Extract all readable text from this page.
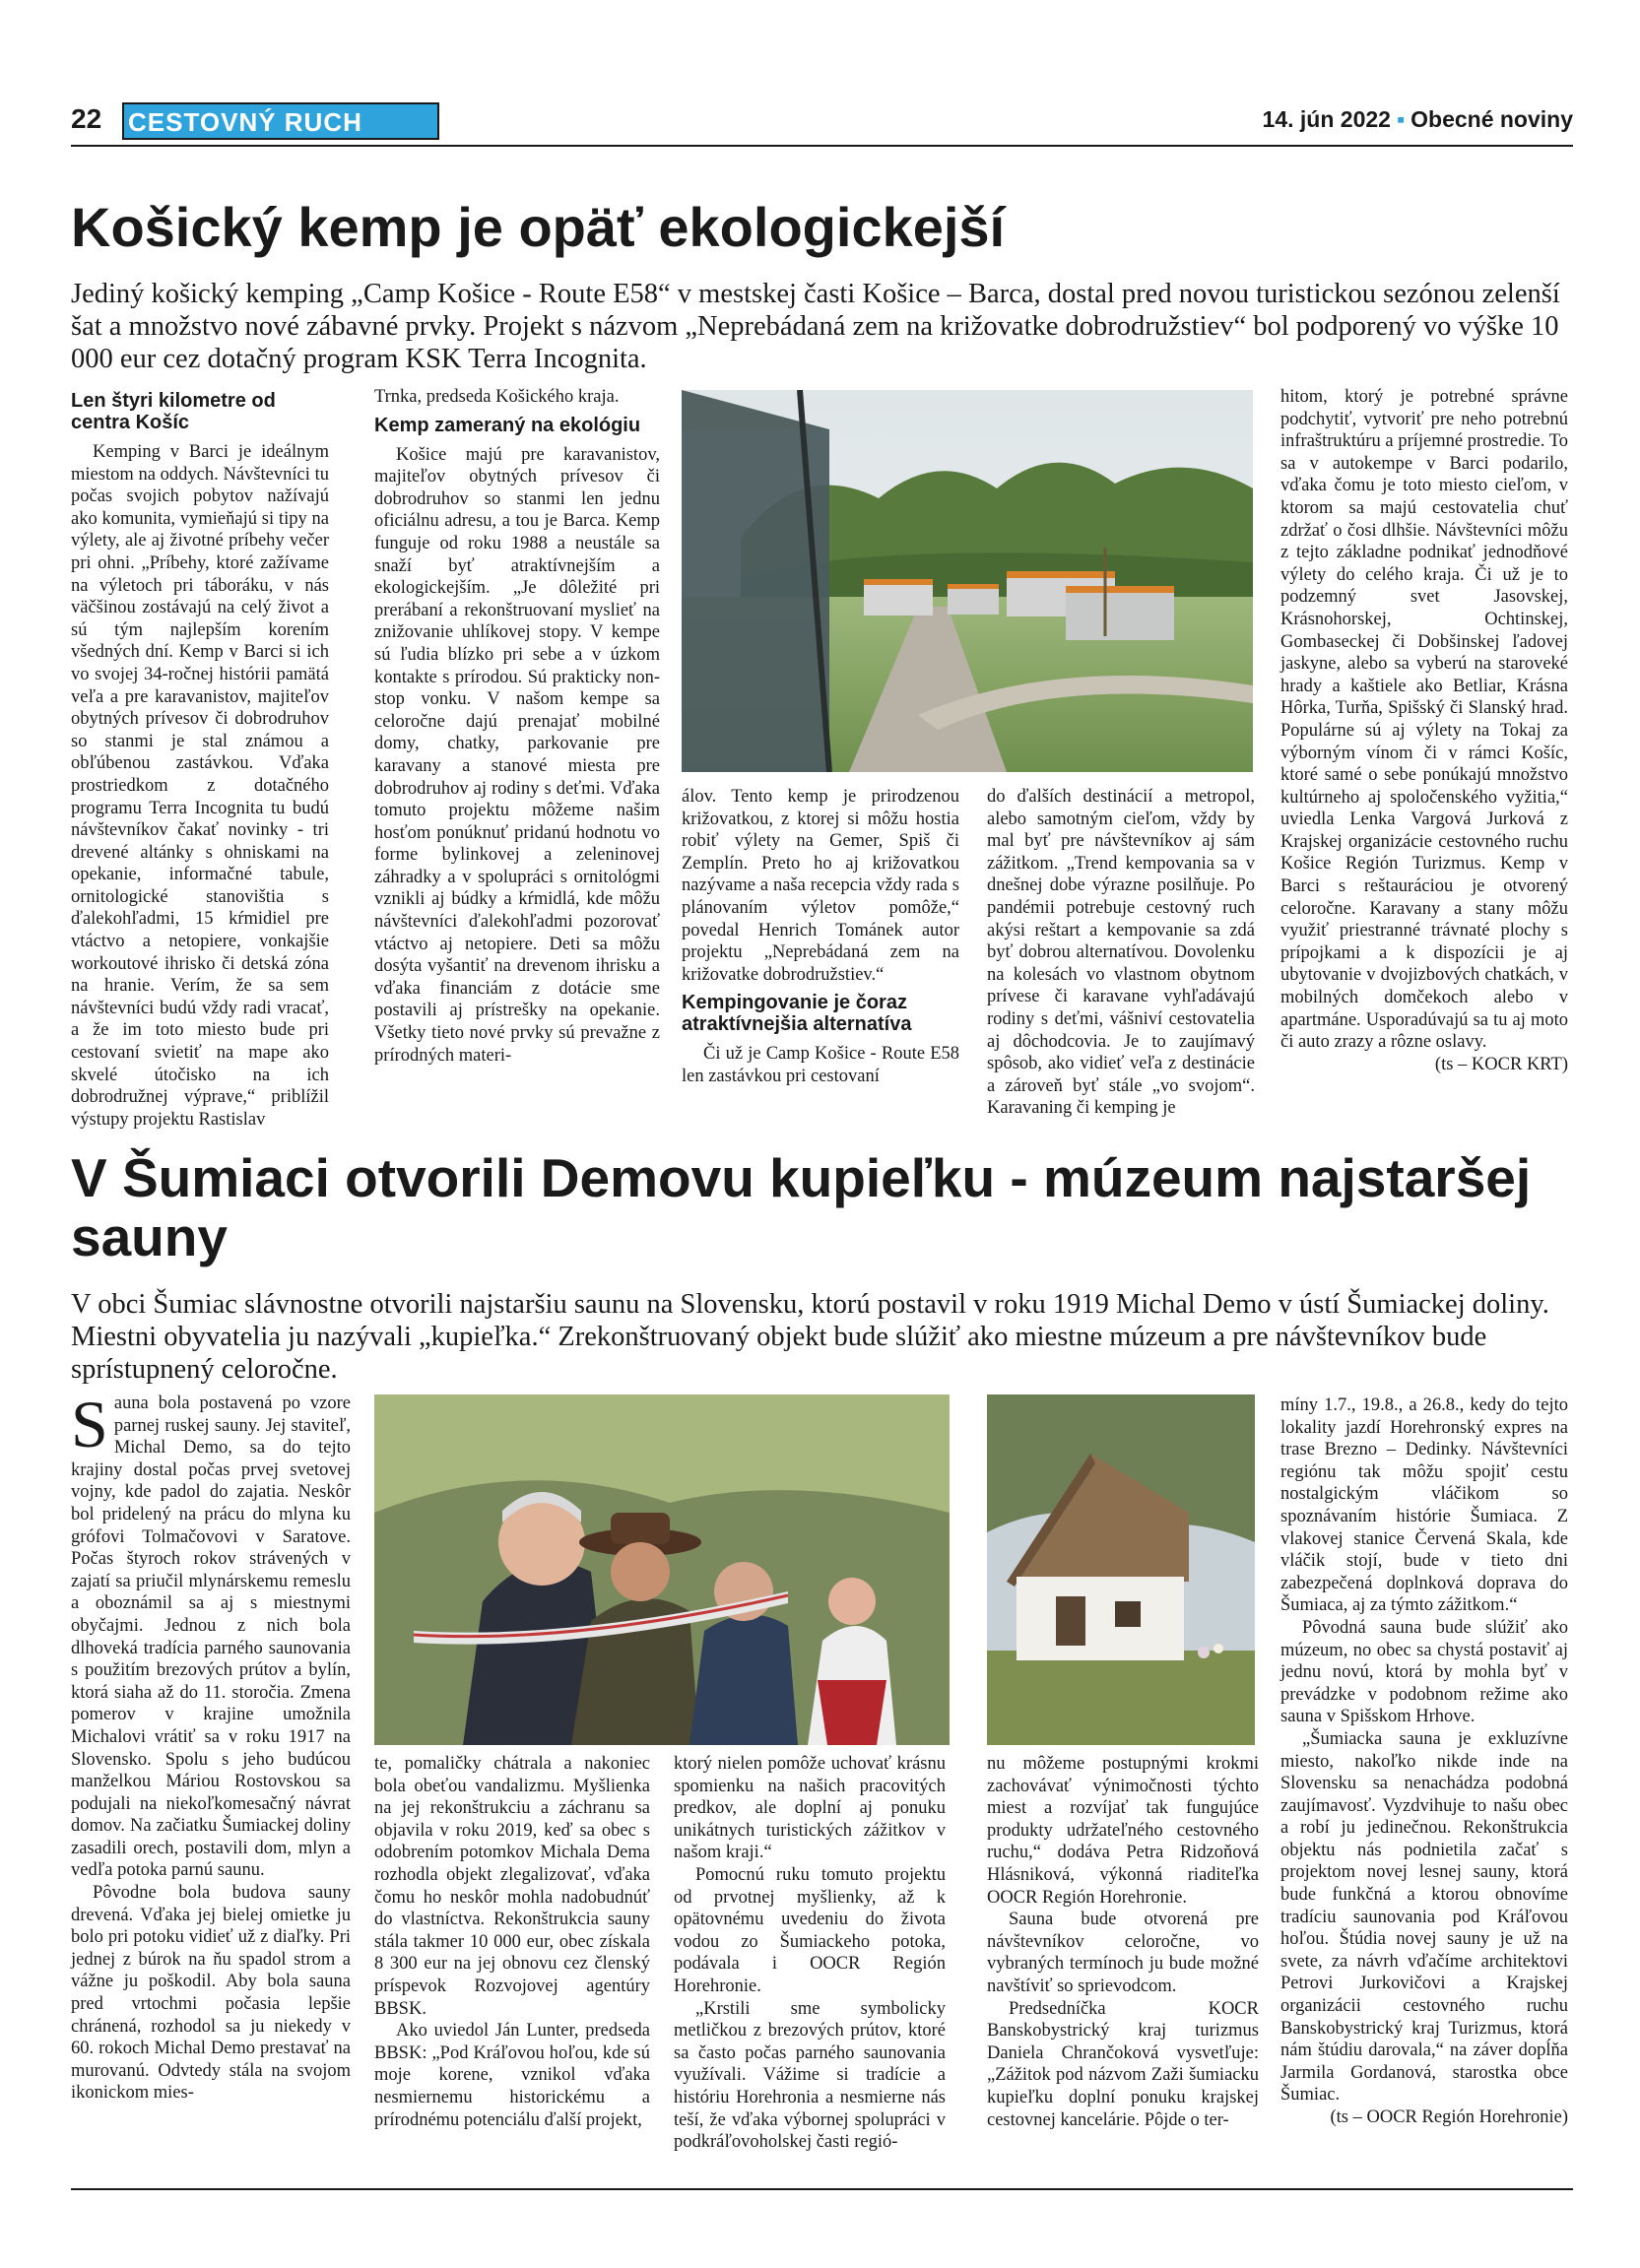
22 CESTOVNÝ RUCH	14. jún 2022 ▪ Obecné noviny
Košický kemp je opäť ekologickejší

Jediný košický kemping „Camp Košice - Route E58“ v mestskej časti Košice – Barca, dostal pred novou turistickou sezónou zelenší šat a množstvo nové zábavné prvky. Projekt s názvom „Neprebádaná zem na križovatke dobrodružstiev“ bol podporený vo výške 10 000 eur cez dotačný program KSK Terra Incognita.

Len štyri kilometre od centra Košíc

Kemping v Barci je ideálnym miestom na oddych. Návštevníci tu počas svojich pobytov nažívajú ako komunita, vymieňajú si tipy na výlety, ale aj životné príbehy večer pri ohni. „Príbehy, ktoré zažívame na výletoch pri táboráku, v nás väčšinou zostávajú na celý život a sú tým najlepším korením všedných dní. Kemp v Barci si ich vo svojej 34-ročnej histórii pamätá veľa a pre karavanistov, majiteľov obytných prívesov či dobrodruhov so stanmi je stal známou a obľúbenou zastávkou. Vďaka prostriedkom z dotačného programu Terra Incognita tu budú návštevníkov čakať novinky - tri drevené altánky s ohniskami na opekanie, informačné tabule, ornitologické stanovištia s ďalekohľadmi, 15 kŕmidiel pre vtáctvo a netopiere, vonkajšie workoutové ihrisko či detská zóna na hranie. Verím, že sa sem návštevníci budú vždy radi vracať, a že im toto miesto bude pri cestovaní svietiť na mape ako skvelé útočisko na ich dobrodružnej výprave,“ priblížil výstupy projektu Rastislav

Trnka, predseda Košického kraja.

Kemp zameraný na ekológiu

Košice majú pre karavanistov, majiteľov obytných prívesov či dobrodruhov so stanmi len jednu oficiálnu adresu, a tou je Barca. Kemp funguje od roku 1988 a neustále sa snaží byť atraktívnejším a ekologickejším. „Je dôležité pri prerábaní a rekonštruovaní myslieť na znižovanie uhlíkovej stopy. V kempe sú ľudia blízko pri sebe a v úzkom kontakte s prírodou. Sú prakticky non-stop vonku. V našom kempe sa celoročne dajú prenajať mobilné domy, chatky, parkovanie pre karavany a stanové miesta pre dobrodruhov aj rodiny s deťmi. Vďaka tomuto projektu môžeme našim hosťom ponúknuť pridanú hodnotu vo forme bylinkovej a zeleninovej záhradky a v spolupráci s ornitológmi vznikli aj búdky a kŕmidlá, kde môžu návštevníci ďalekohľadmi pozorovať vtáctvo aj netopiere. Deti sa môžu dosýta vyšantiť na drevenom ihrisku a vďaka financiám z dotácie sme postavili aj prístrešky na opekanie. Všetky tieto nové prvky sú prevažne z prírodných materi-

álov. Tento kemp je prirodzenou križovatkou, z ktorej si môžu hostia robiť výlety na Gemer, Spiš či Zemplín. Preto ho aj križovatkou nazývame a naša recepcia vždy rada s plánovaním výletov pomôže,“ povedal Henrich Tománek autor projektu „Neprebádaná zem na križovatke dobrodružstiev.“

Kempingovanie je čoraz atraktívnejšia alternatíva

Či už je Camp Košice - Route E58 len zastávkou pri cestovaní

do ďalších destinácií a metropol, alebo samotným cieľom, vždy by mal byť pre návštevníkov aj sám zážitkom. „Trend kempovania sa v dnešnej dobe výrazne posilňuje. Po pandémii potrebuje cestovný ruch akýsi reštart a kempovanie sa zdá byť dobrou alternatívou. Dovolenku na kolesách vo vlastnom obytnom prívese či karavane vyhľadávajú rodiny s deťmi, vášniví cestovatelia aj dôchodcovia. Je to zaujímavý spôsob, ako vidieť veľa z destinácie a zároveň byť stále „vo svojom“. Karavaning či kemping je

hitom, ktorý je potrebné správne podchytiť, vytvoriť pre neho potrebnú infraštruktúru a príjemné prostredie. To sa v autokempe v Barci podarilo, vďaka čomu je toto miesto cieľom, v ktorom sa majú cestovatelia chuť zdržať o čosi dlhšie. Návštevníci môžu z tejto základne podnikať jednodňové výlety do celého kraja. Či už je to podzemný svet Jasovskej, Krásnohorskej, Ochtinskej, Gombaseckej či Dobšinskej ľadovej jaskyne, alebo sa vyberú na staroveké hrady a kaštiele ako Betliar, Krásna Hôrka, Turňa, Spišský či Slanský hrad. Populárne sú aj výlety na Tokaj za výborným vínom či v rámci Košíc, ktoré samé o sebe ponúkajú množstvo kultúrneho aj spoločenského vyžitia,“ uviedla Lenka Vargová Jurková z Krajskej organizácie cestovného ruchu Košice Región Turizmus. Kemp v Barci s reštauráciou je otvorený celoročne. Karavany a stany môžu využiť priestranné trávnaté plochy s prípojkami a k dispozícii je aj ubytovanie v dvojizbových chatkách, v mobilných domčekoch alebo v apartmáne. Usporadúvajú sa tu aj moto či auto zrazy a rôzne oslavy.

(ts – KOCR KRT)

V Šumiaci otvorili Demovu kupieľku - múzeum najstaršej sauny

V obci Šumiac slávnostne otvorili najstaršiu saunu na Slovensku, ktorú postavil v roku 1919 Michal Demo v ústí Šumiackej doliny. Miestni obyvatelia ju nazývali „kupieľka.“ Zrekonštruovaný objekt bude slúžiť ako miestne múzeum a pre návštevníkov bude sprístupnený celoročne.

Sauna bola postavená po vzore parnej ruskej sauny. Jej staviteľ, Michal Demo, sa do tejto krajiny dostal počas prvej svetovej vojny, kde padol do zajatia. Neskôr bol pridelený na prácu do mlyna ku grófovi Tolmačovovi v Saratove. Počas štyroch rokov strávených v zajatí sa priučil mlynárskemu remeslu a oboznámil sa aj s miestnymi obyčajmi. Jednou z nich bola dlhoveká tradícia parného saunovania s použitím brezových prútov a bylín, ktorá siaha až do 11. storočia. Zmena pomerov v krajine umožnila Michalovi vrátiť sa v roku 1917 na Slovensko. Spolu s jeho budúcou manželkou Máriou Rostovskou sa podujali na niekoľkomesačný návrat domov. Na začiatku Šumiackej doliny zasadili orech, postavili dom, mlyn a vedľa potoka parnú saunu.

Pôvodne bola budova sauny drevená. Vďaka jej bielej omietke ju bolo pri potoku vidieť už z diaľky. Pri jednej z búrok na ňu spadol strom a vážne ju poškodil. Aby bola sauna pred vrtochmi počasia lepšie chránená, rozhodol sa ju niekedy v 60. rokoch Michal Demo prestavať na murovanú. Odvtedy stála na svojom ikonickom mies-

te, pomaličky chátrala a nakoniec bola obeťou vandalizmu. Myšlienka na jej rekonštrukciu a záchranu sa objavila v roku 2019, keď sa obec s odobrením potomkov Michala Dema rozhodla objekt zlegalizovať, vďaka čomu ho neskôr mohla nadobudnúť do vlastníctva. Rekonštrukcia sauny stála takmer 10 000 eur, obec získala 8 300 eur na jej obnovu cez členský príspevok Rozvojovej agentúry BBSK.

Ako uviedol Ján Lunter, predseda BBSK: „Pod Kráľovou hoľou, kde sú moje korene, vznikol vďaka nesmiernemu historickému a prírodnému potenciálu ďalší projekt,

ktorý nielen pomôže uchovať krásnu spomienku na našich pracovitých predkov, ale doplní aj ponuku unikátnych turistických zážitkov v našom kraji.“

Pomocnú ruku tomuto projektu od prvotnej myšlienky, až k opätovnému uvedeniu do života vodou zo Šumiackeho potoka, podávala i OOCR Región Horehronie.

„Krstili sme symbolicky metličkou z brezových prútov, ktoré sa často počas parného saunovania využívali. Vážime si tradície a históriu Horehronia a nesmierne nás teší, že vďaka výbornej spolupráci v podkráľovoholskej časti regió-

nu môžeme postupnými krokmi zachovávať výnimočnosti týchto miest a rozvíjať tak fungujúce produkty udržateľného cestovného ruchu,“ dodáva Petra Ridzoňová Hlásniková, výkonná riaditeľka OOCR Región Horehronie.

Sauna bude otvorená pre návštevníkov celoročne, vo vybraných termínoch ju bude možné navštíviť so sprievodcom.

Predsedníčka KOCR Banskobystrický kraj turizmus Daniela Chrančoková vysvetľuje: „Zážitok pod názvom Zaži šumiacku kupieľku doplní ponuku krajskej cestovnej kancelárie. Pôjde o ter-

míny 1.7., 19.8., a 26.8., kedy do tejto lokality jazdí Horehronský expres na trase Brezno – Dedinky. Návštevníci regiónu tak môžu spojiť cestu nostalgickým vláčikom so spoznávaním histórie Šumiaca. Z vlakovej stanice Červená Skala, kde vláčik stojí, bude v tieto dni zabezpečená doplnková doprava do Šumiaca, aj za týmto zážitkom.“

Pôvodná sauna bude slúžiť ako múzeum, no obec sa chystá postaviť aj jednu novú, ktorá by mohla byť v prevádzke v podobnom režime ako sauna v Spišskom Hrhove.

„Šumiacka sauna je exkluzívne miesto, nakoľko nikde inde na Slovensku sa nenachádza podobná zaujímavosť. Vyzdvihuje to našu obec a robí ju jedinečnou. Rekonštrukcia objektu nás podnietila začať s projektom novej lesnej sauny, ktorá bude funkčná a ktorou obnovíme tradíciu saunovania pod Kráľovou hoľou. Štúdia novej sauny je už na svete, za návrh vďačíme architektovi Petrovi Jurkovičovi a Krajskej organizácii cestovného ruchu Banskobystrický kraj Turizmus, ktorá nám štúdiu darovala,“ na záver dopĺňa Jarmila Gordanová, starostka obce Šumiac.

(ts – OOCR Región Horehronie)
